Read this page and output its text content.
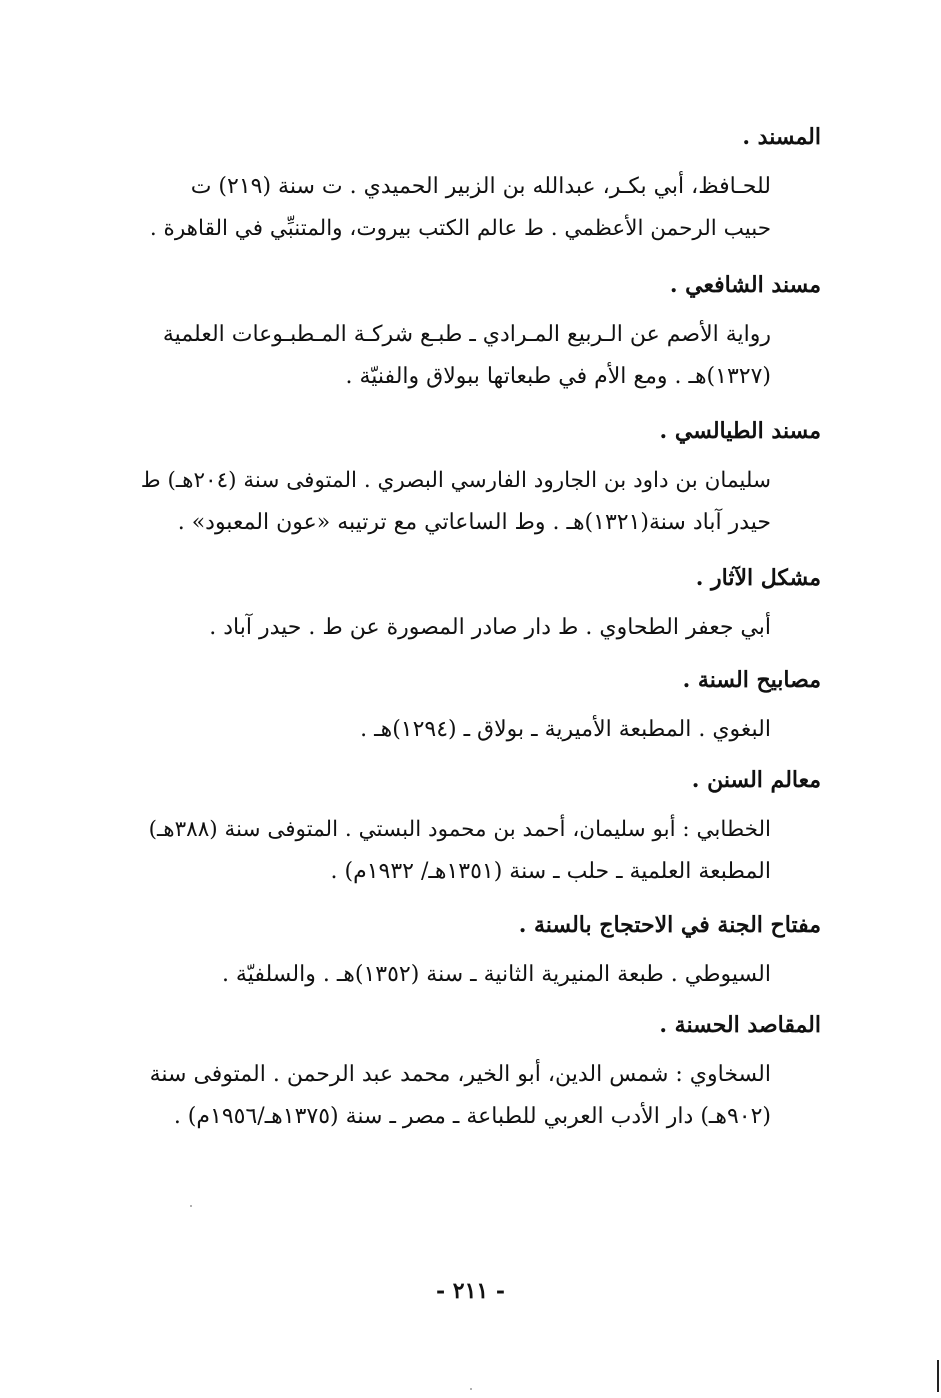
المسند .
للحـافظ، أبي بكـر، عبدالله بن الزبير الحميدي . ت سنة (٢١٩) ت
حبيب الرحمن الأعظمي . ط عالم الكتب بيروت، والمتنبِّي في القاهرة .
مسند الشافعي .
رواية الأصم عن الـربيع المـرادي ـ طبـع شركـة المـطبـوعات العلمية
(١٣٢٧)هـ . ومع الأم في طبعاتها ببولاق والفنيّة .
مسند الطيالسي .
سليمان بن داود بن الجارود الفارسي البصري . المتوفى سنة (٢٠٤هـ) ط
حيدر آباد سنة(١٣٢١)هـ . وط الساعاتي مع ترتيبه «عون المعبود» .
مشكل الآثار .
أبي جعفر الطحاوي . ط دار صادر المصورة عن ط . حيدر آباد .
مصابيح السنة .
البغوي . المطبعة الأميرية ـ بولاق ـ (١٢٩٤)هـ .
معالم السنن .
الخطابي : أبو سليمان، أحمد بن محمود البستي . المتوفى سنة (٣٨٨هـ)
المطبعة العلمية ـ حلب ـ سنة (١٣٥١هـ/ ١٩٣٢م) .
مفتاح الجنة في الاحتجاج بالسنة .
السيوطي . طبعة المنيرية الثانية ـ سنة (١٣٥٢)هـ . والسلفيّة .
المقاصد الحسنة .
السخاوي : شمس الدين، أبو الخير، محمد عبد الرحمن . المتوفى سنة
(٩٠٢هـ) دار الأدب العربي للطباعة ـ مصر ـ سنة (١٣٧٥هـ/١٩٥٦م) .
- ٢١١ -
